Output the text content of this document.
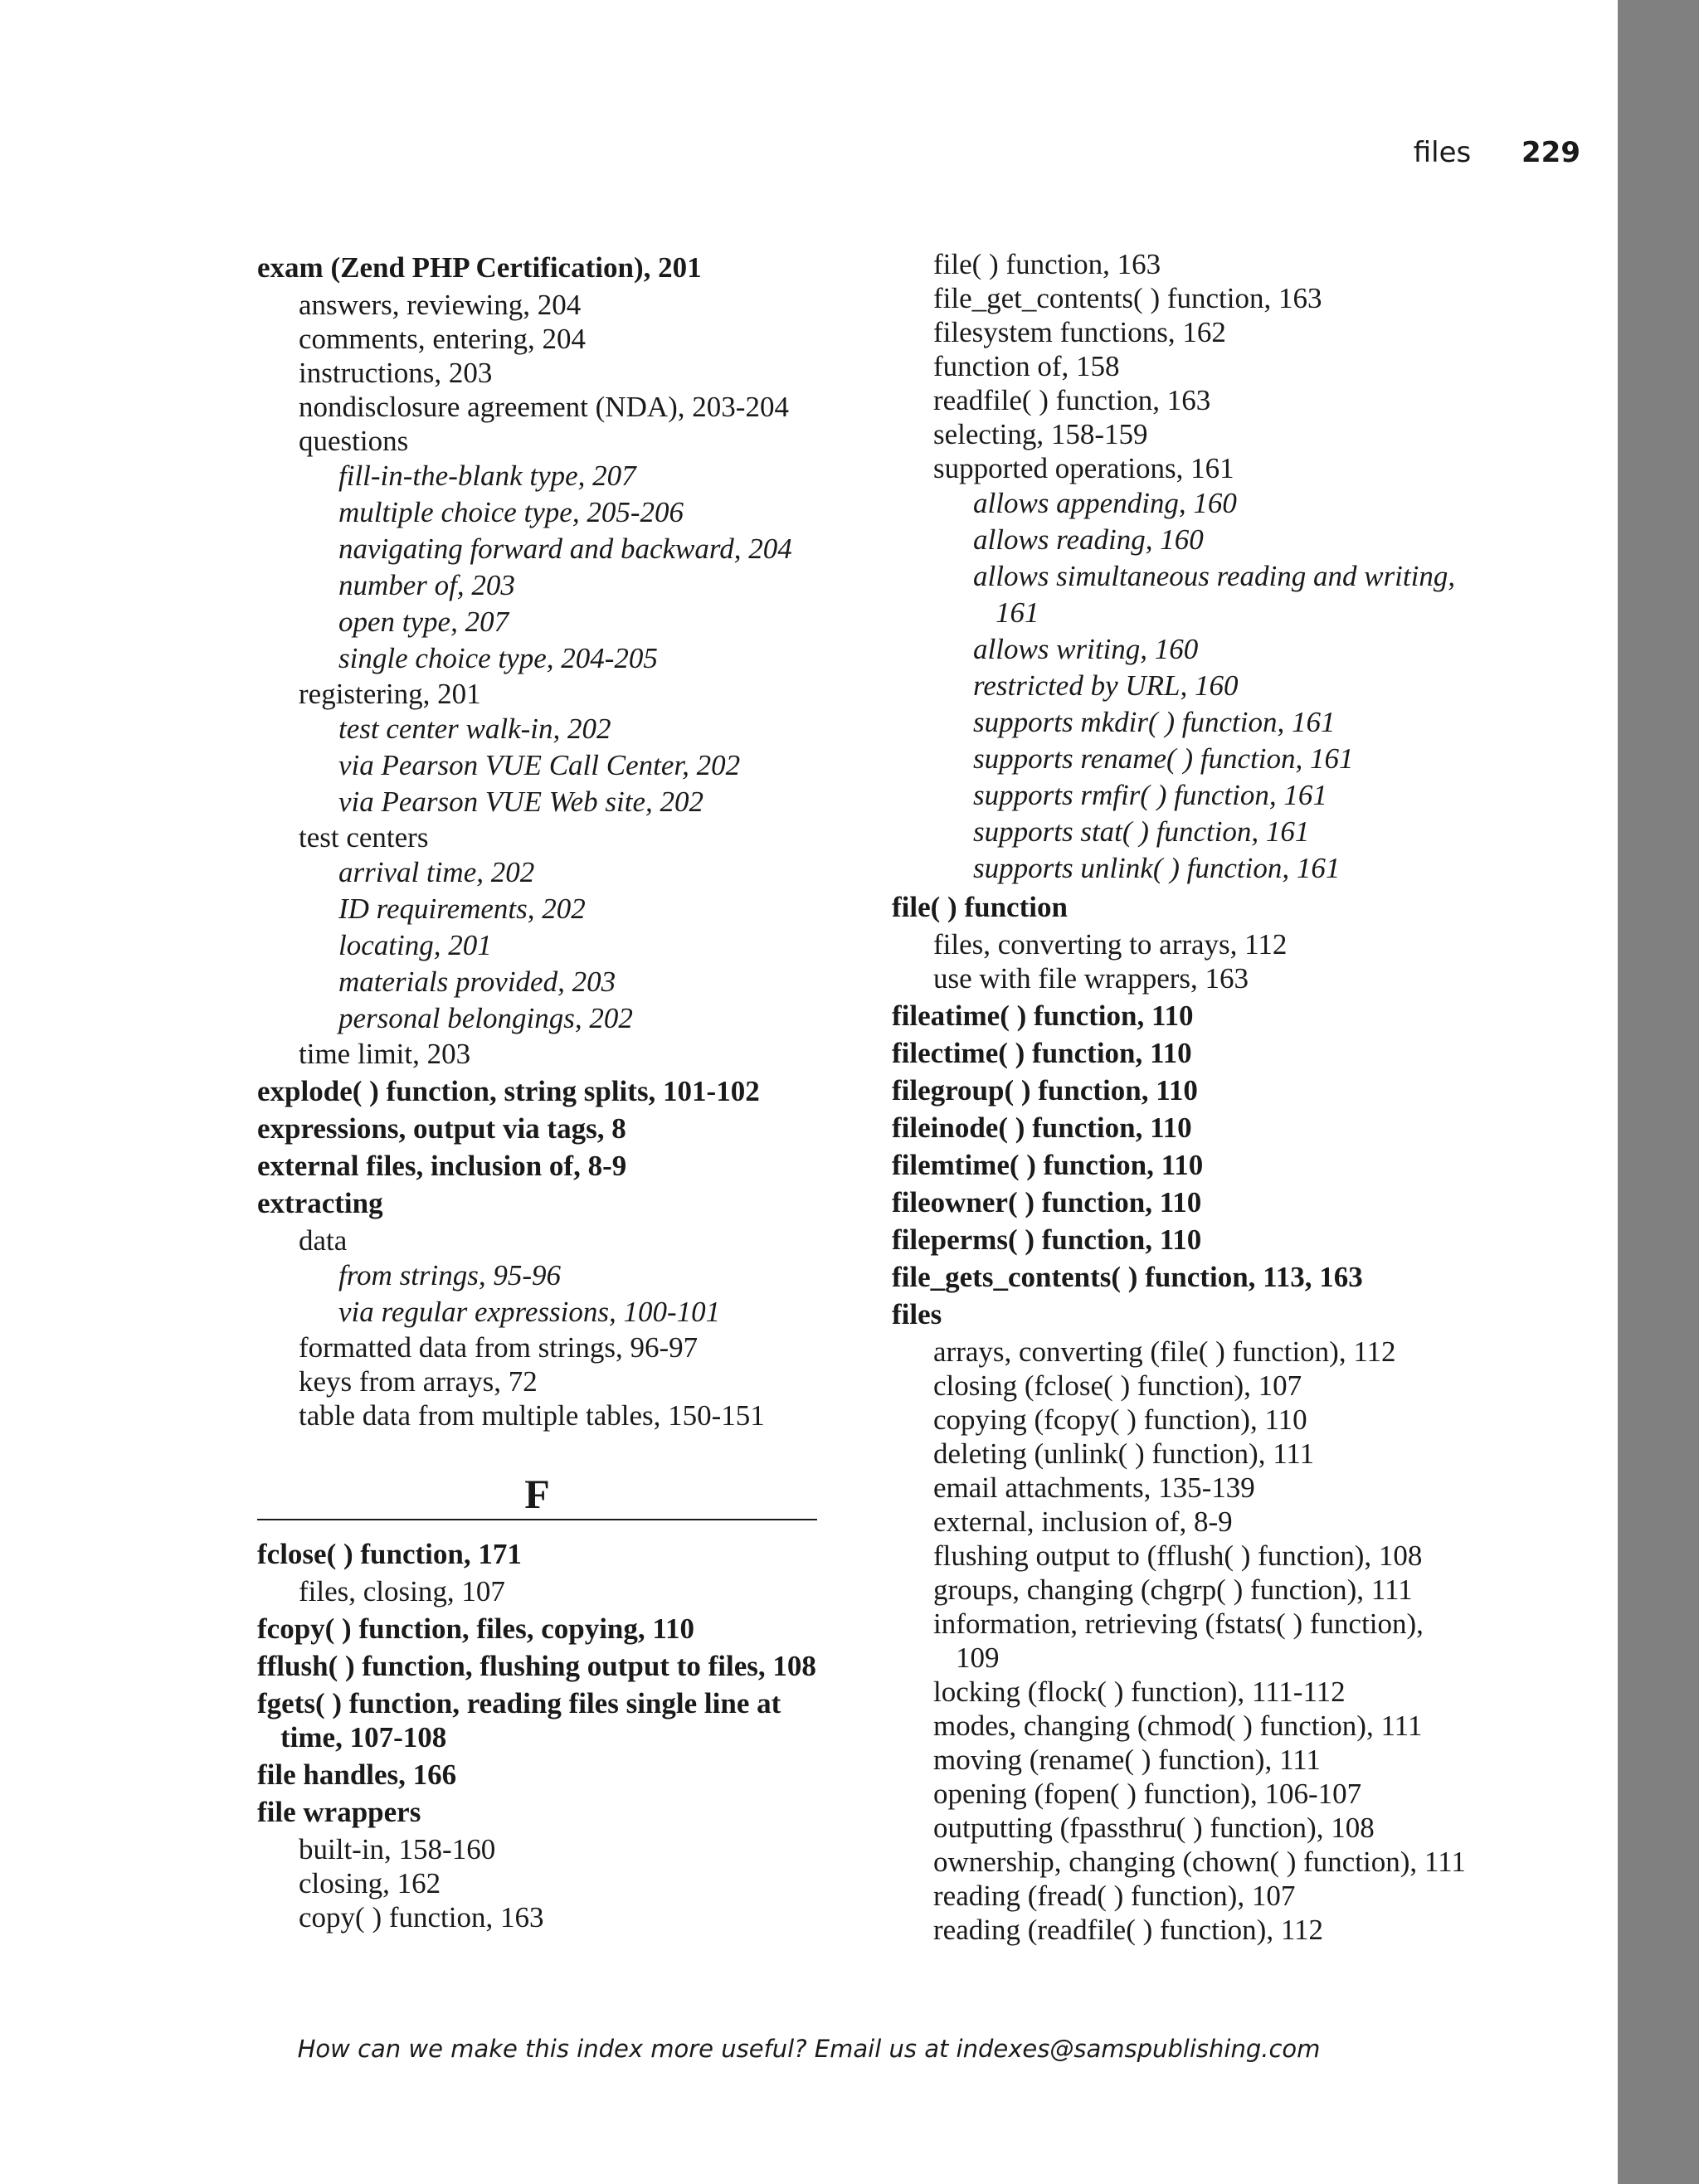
files 229
exam (Zend PHP Certification), 201
answers, reviewing, 204
comments, entering, 204
instructions, 203
nondisclosure agreement (NDA), 203-204
questions
fill-in-the-blank type, 207
multiple choice type, 205-206
navigating forward and backward, 204
number of, 203
open type, 207
single choice type, 204-205
registering, 201
test center walk-in, 202
via Pearson VUE Call Center, 202
via Pearson VUE Web site, 202
test centers
arrival time, 202
ID requirements, 202
locating, 201
materials provided, 203
personal belongings, 202
time limit, 203
explode( ) function, string splits, 101-102
expressions, output via tags, 8
external files, inclusion of, 8-9
extracting
data
from strings, 95-96
via regular expressions, 100-101
formatted data from strings, 96-97
keys from arrays, 72
table data from multiple tables, 150-151
F
fclose( ) function, 171
files, closing, 107
fcopy( ) function, files, copying, 110
fflush( ) function, flushing output to files, 108
fgets( ) function, reading files single line at time, 107-108
file handles, 166
file wrappers
built-in, 158-160
closing, 162
copy( ) function, 163
file( ) function, 163
file_get_contents( ) function, 163
filesystem functions, 162
function of, 158
readfile( ) function, 163
selecting, 158-159
supported operations, 161
allows appending, 160
allows reading, 160
allows simultaneous reading and writing, 161
allows writing, 160
restricted by URL, 160
supports mkdir( ) function, 161
supports rename( ) function, 161
supports rmfir( ) function, 161
supports stat( ) function, 161
supports unlink( ) function, 161
file( ) function
files, converting to arrays, 112
use with file wrappers, 163
fileatime( ) function, 110
filectime( ) function, 110
filegroup( ) function, 110
fileinode( ) function, 110
filemtime( ) function, 110
fileowner( ) function, 110
fileperms( ) function, 110
file_gets_contents( ) function, 113, 163
files
arrays, converting (file( ) function), 112
closing (fclose( ) function), 107
copying (fcopy( ) function), 110
deleting (unlink( ) function), 111
email attachments, 135-139
external, inclusion of, 8-9
flushing output to (fflush( ) function), 108
groups, changing (chgrp( ) function), 111
information, retrieving (fstats( ) function), 109
locking (flock( ) function), 111-112
modes, changing (chmod( ) function), 111
moving (rename( ) function), 111
opening (fopen( ) function), 106-107
outputting (fpassthru( ) function), 108
ownership, changing (chown( ) function), 111
reading (fread( ) function), 107
reading (readfile( ) function), 112
How can we make this index more useful? Email us at indexes@samspublishing.com
